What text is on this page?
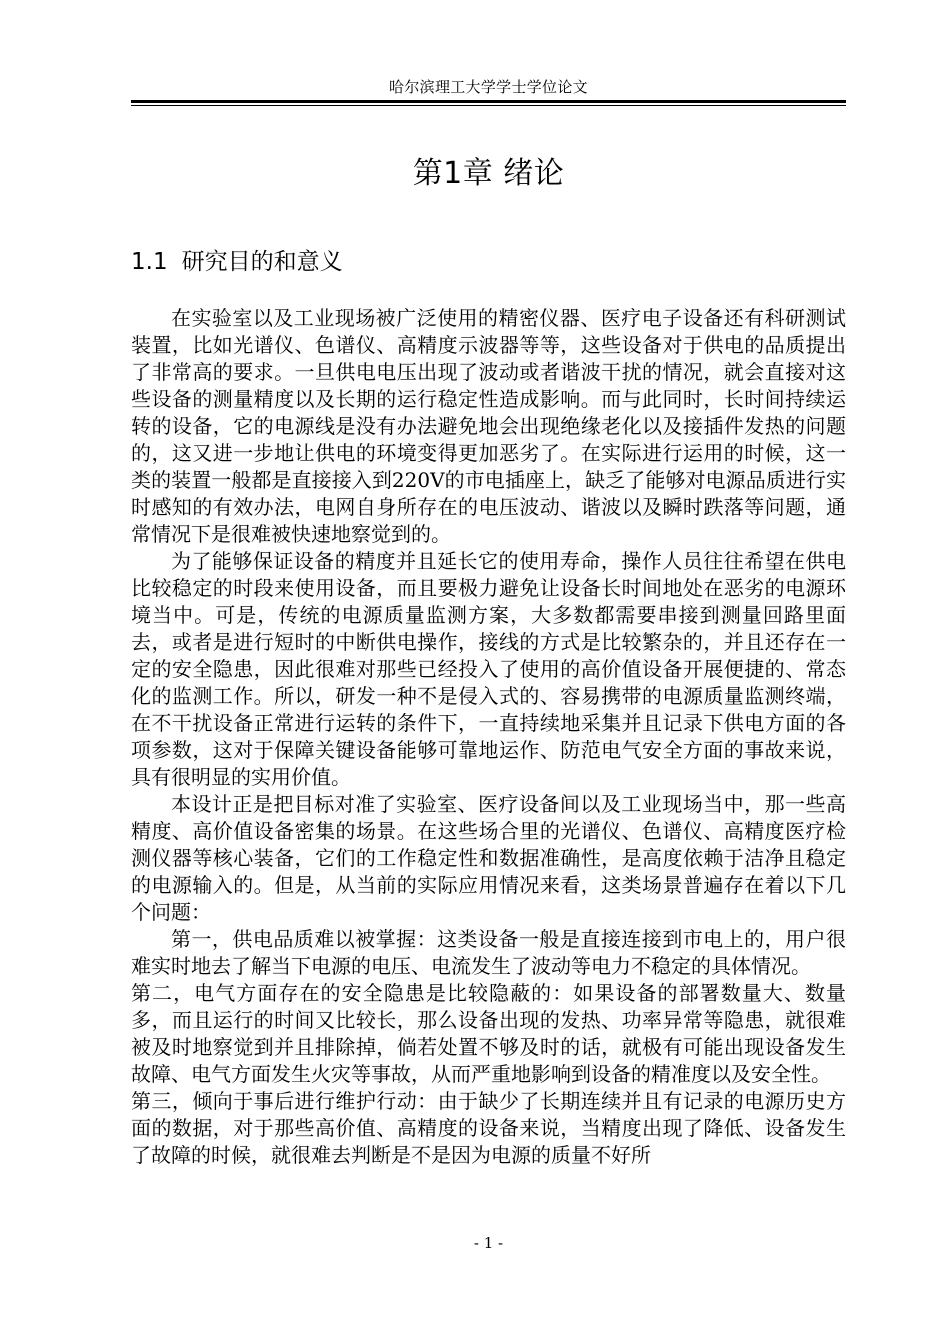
哈尔滨理工大学学士学位论文
第1章 绪论
1.1 研究目的和意义

在实验室以及工业现场被广泛使用的精密仪器、医疗电子设备还有科研测试装置，比如光谱仪、色谱仪、高精度示波器等等，这些设备对于供电的品质提出了非常高的要求。一旦供电电压出现了波动或者谐波干扰的情况，就会直接对这些设备的测量精度以及长期的运行稳定性造成影响。而与此同时，长时间持续运转的设备，它的电源线是没有办法避免地会出现绝缘老化以及接插件发热的问题的，这又进一步地让供电的环境变得更加恶劣了。在实际进行运用的时候，这一类的装置一般都是直接接入到220V的市电插座上，缺乏了能够对电源品质进行实时感知的有效办法，电网自身所存在的电压波动、谐波以及瞬时跌落等问题，通常情况下是很难被快速地察觉到的。

为了能够保证设备的精度并且延长它的使用寿命，操作人员往往希望在供电比较稳定的时段来使用设备，而且要极力避免让设备长时间地处在恶劣的电源环境当中。可是，传统的电源质量监测方案，大多数都需要串接到测量回路里面去，或者是进行短时的中断供电操作，接线的方式是比较繁杂的，并且还存在一定的安全隐患，因此很难对那些已经投入了使用的高价值设备开展便捷的、常态化的监测工作。所以，研发一种不是侵入式的、容易携带的电源质量监测终端，在不干扰设备正常进行运转的条件下，一直持续地采集并且记录下供电方面的各项参数，这对于保障关键设备能够可靠地运作、防范电气安全方面的事故来说，具有很明显的实用价值。

本设计正是把目标对准了实验室、医疗设备间以及工业现场当中，那一些高精度、高价值设备密集的场景。在这些场合里的光谱仪、色谱仪、高精度医疗检测仪器等核心装备，它们的工作稳定性和数据准确性，是高度依赖于洁净且稳定的电源输入的。但是，从当前的实际应用情况来看，这类场景普遍存在着以下几个问题：

第一，供电品质难以被掌握：这类设备一般是直接连接到市电上的，用户很难实时地去了解当下电源的电压、电流发生了波动等电力不稳定的具体情况。

第二，电气方面存在的安全隐患是比较隐蔽的：如果设备的部署数量大、数量多，而且运行的时间又比较长，那么设备出现的发热、功率异常等隐患，就很难被及时地察觉到并且排除掉，倘若处置不够及时的话，就极有可能出现设备发生故障、电气方面发生火灾等事故，从而严重地影响到设备的精准度以及安全性。

第三，倾向于事后进行维护行动：由于缺少了长期连续并且有记录的电源历史方面的数据，对于那些高价值、高精度的设备来说，当精度出现了降低、设备发生了故障的时候，就很难去判断是不是因为电源的质量不好所

- 1 -
